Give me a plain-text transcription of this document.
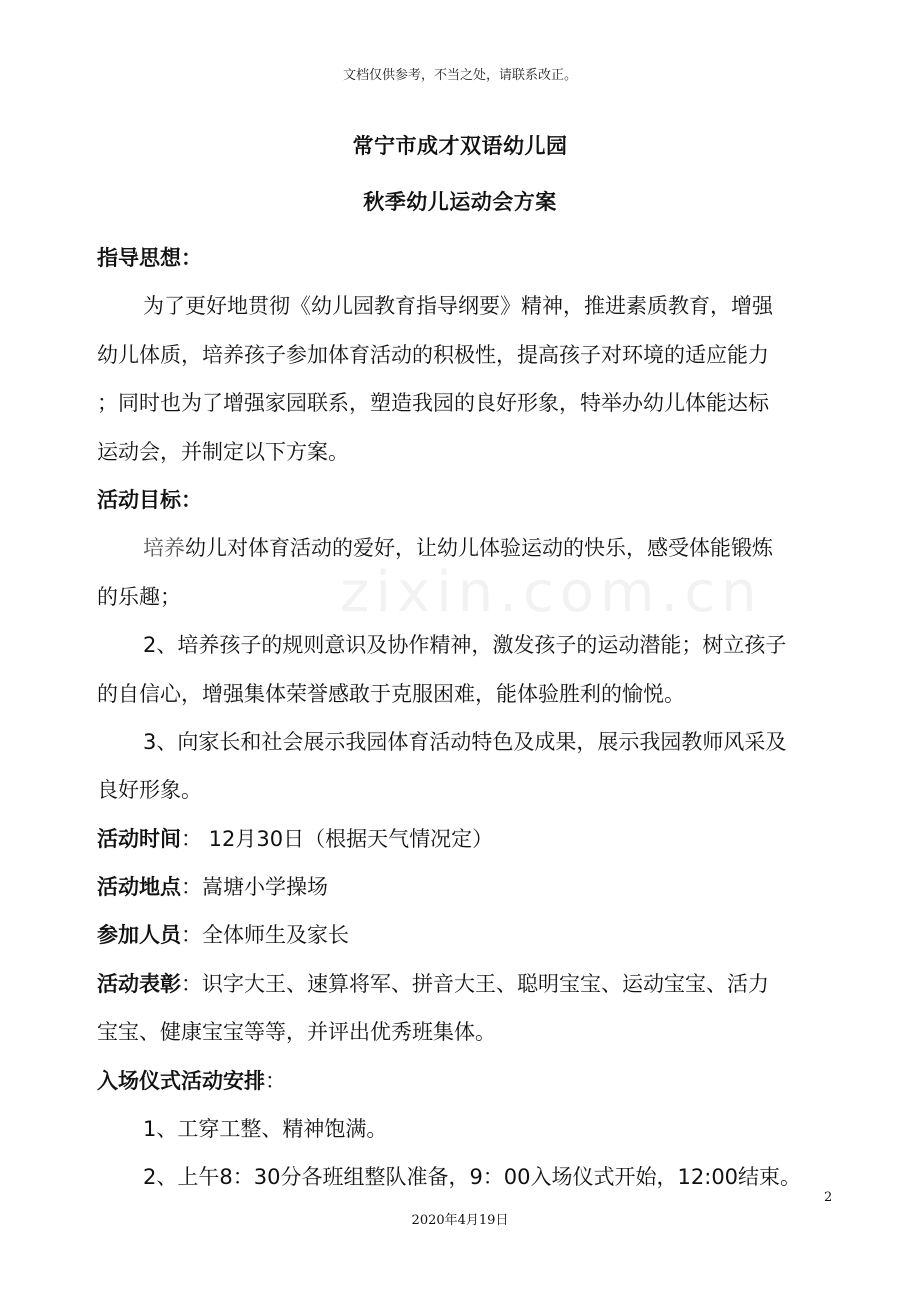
文档仅供参考，不当之处，请联系改正。
常宁市成才双语幼儿园
秋季幼儿运动会方案
zixin.com.cn
指导思想：
为了更好地贯彻《幼儿园教育指导纲要》精神，推进素质教育，增强
幼儿体质，培养孩子参加体育活动的积极性，提高孩子对环境的适应能力
；同时也为了增强家园联系，塑造我园的良好形象，特举办幼儿体能达标
运动会，并制定以下方案。
活动目标：
培养幼儿对体育活动的爱好，让幼儿体验运动的快乐，感受体能锻炼
的乐趣；
2、培养孩子的规则意识及协作精神，激发孩子的运动潜能；树立孩子
的自信心，增强集体荣誉感敢于克服困难，能体验胜利的愉悦。
3、向家长和社会展示我园体育活动特色及成果，展示我园教师风采及
良好形象。
活动时间： 12月30日（根据天气情况定）
活动地点：嵩塘小学操场
参加人员：全体师生及家长
活动表彰：识字大王、速算将军、拼音大王、聪明宝宝、运动宝宝、活力
宝宝、健康宝宝等等，并评出优秀班集体。
入场仪式活动安排：
1、工穿工整、精神饱满。
2、上午8：30分各班组整队准备，9：00入场仪式开始，12:00结束。
2
2020年4月19日
